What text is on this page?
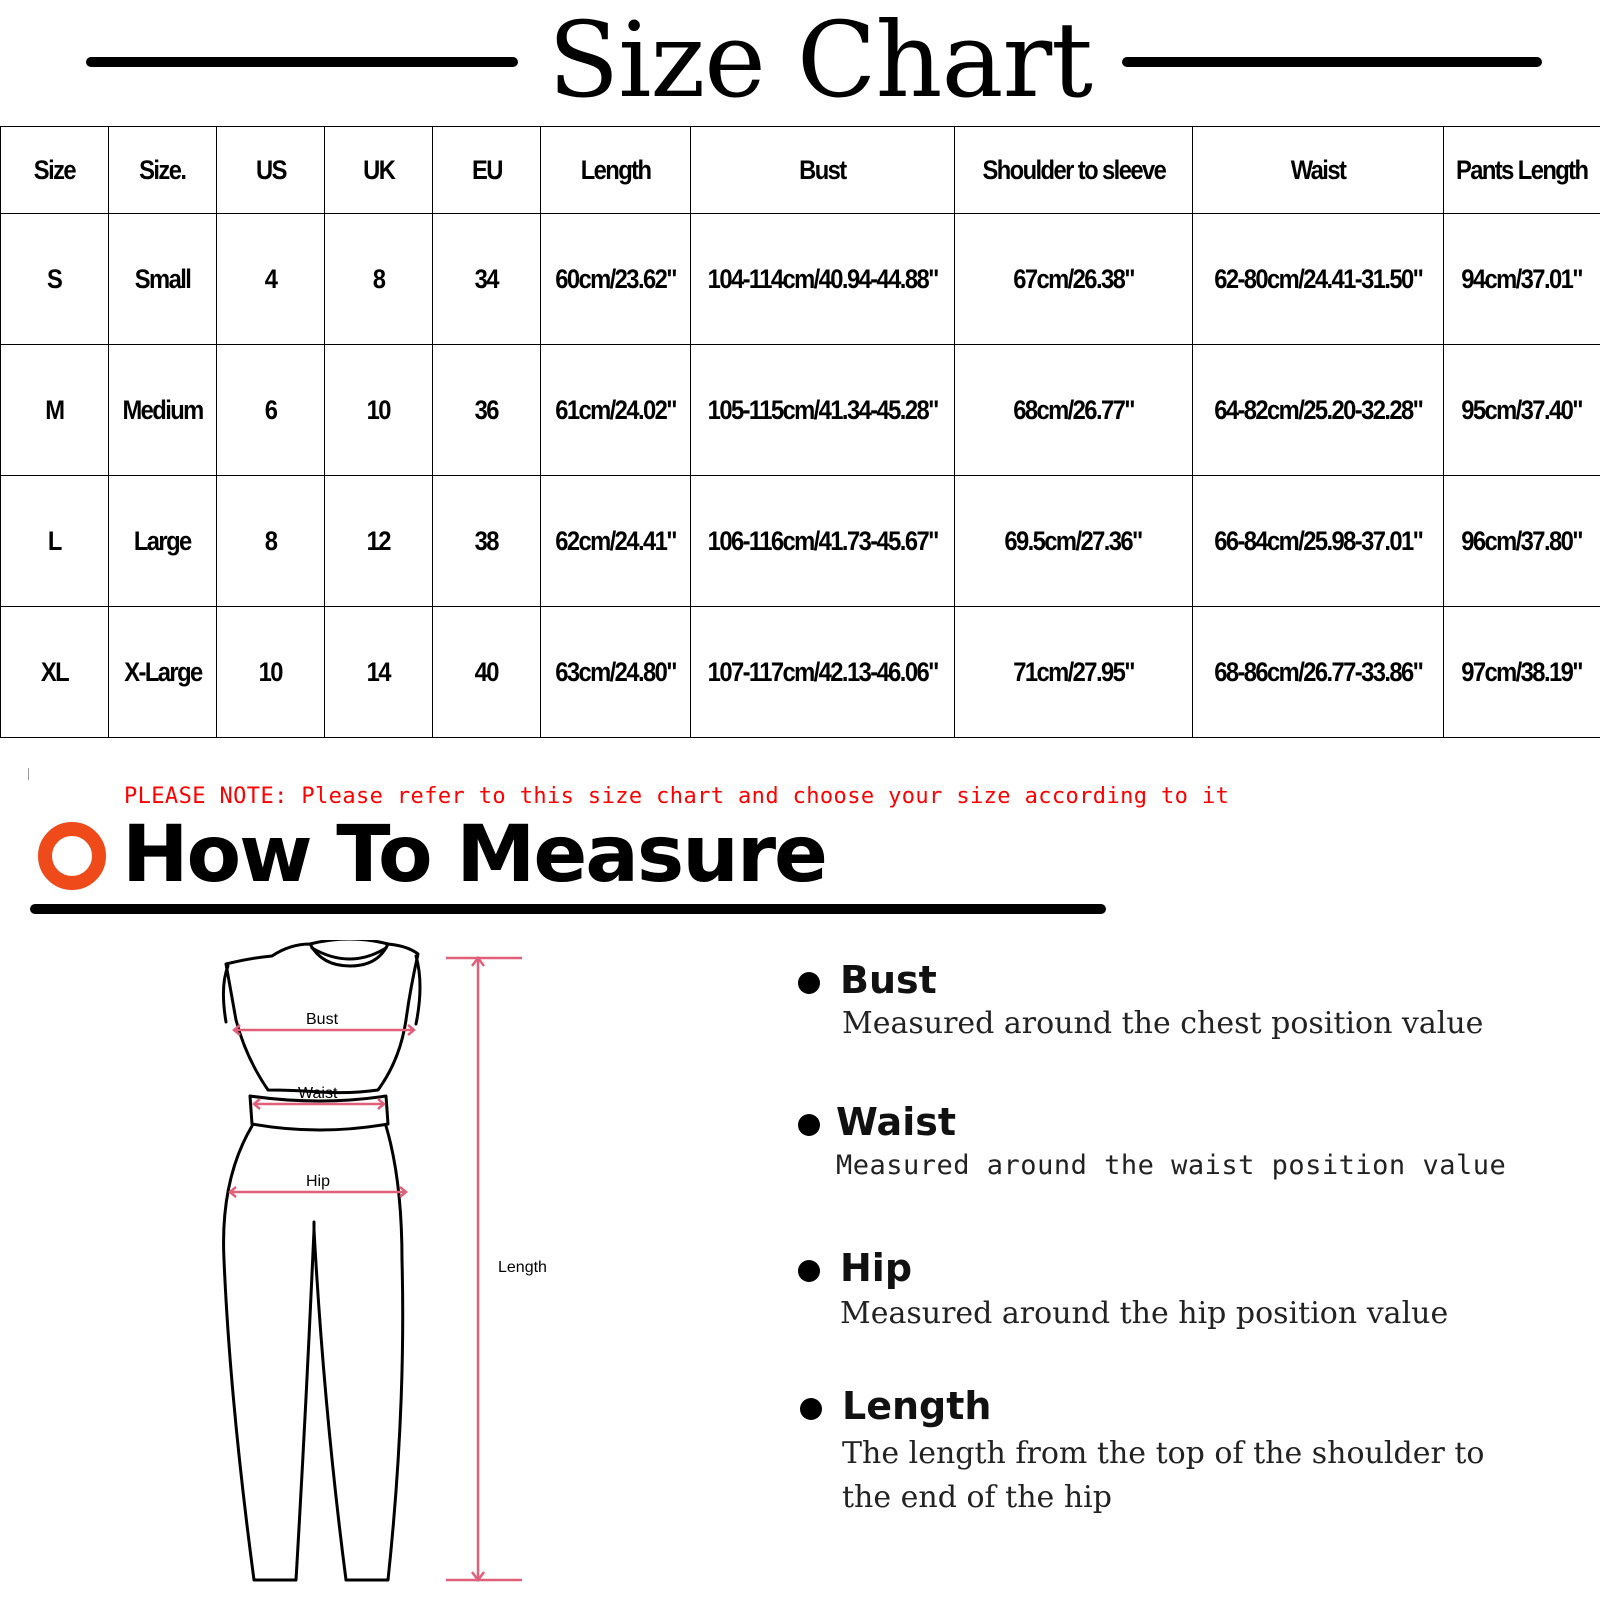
Size Chart
Size	Size.	US	UK	EU	Length	Bust	Shoulder to sleeve	Waist	Pants Length
S	Small	4	8	34	60cm/23.62"	104-114cm/40.94-44.88"	67cm/26.38"	62-80cm/24.41-31.50"	94cm/37.01"
M	Medium	6	10	36	61cm/24.02"	105-115cm/41.34-45.28"	68cm/26.77"	64-82cm/25.20-32.28"	95cm/37.40"
L	Large	8	12	38	62cm/24.41"	106-116cm/41.73-45.67"	69.5cm/27.36"	66-84cm/25.98-37.01"	96cm/37.80"
XL	X-Large	10	14	40	63cm/24.80"	107-117cm/42.13-46.06"	71cm/27.95"	68-86cm/26.77-33.86"	97cm/38.19"
PLEASE NOTE: Please refer to this size chart and choose your size according to it
How To Measure
Bust
Waist
Hip
Length
Bust
Measured around the chest position value
Waist
Measured around the waist position value
Hip
Measured around the hip position value
Length
The length from the top of the shoulder to
the end of the hip
